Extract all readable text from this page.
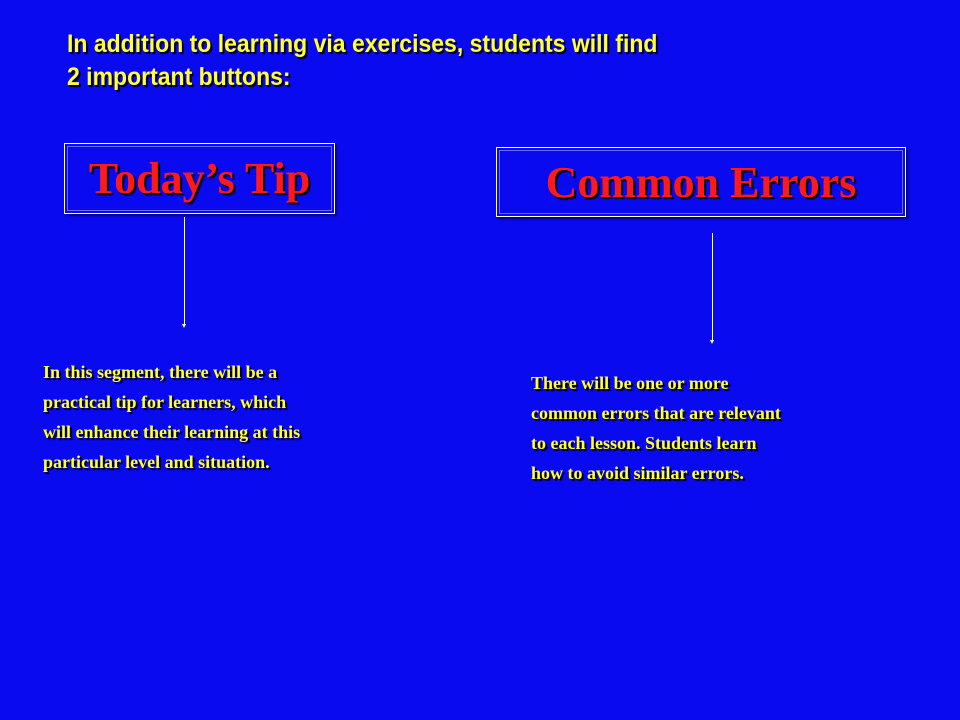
In addition to learning via exercises, students will find
2 important buttons:
Today’s Tip	Common Errors

In this segment, there will be a

practical tip for learners, which

will enhance their learning at this

particular level and situation.

There will be one or more

common errors that are relevant

to each lesson. Students learn

how to avoid similar errors.
